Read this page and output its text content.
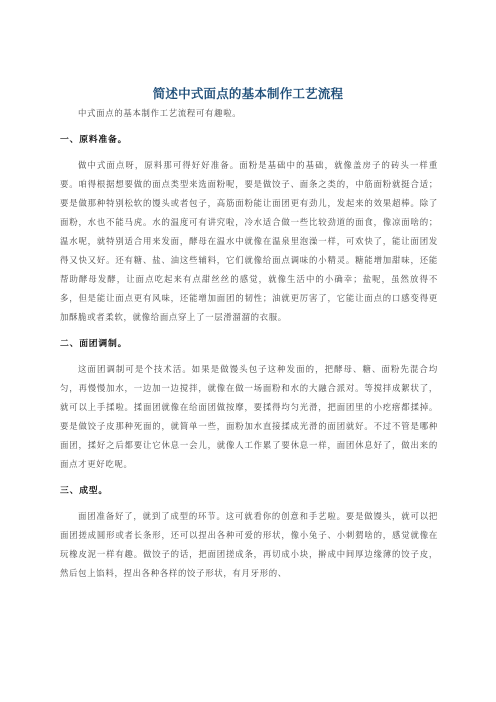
简述中式面点的基本制作工艺流程

中式面点的基本制作工艺流程可有趣啦。

一、原料准备。

做中式面点呀，原料那可得好好准备。面粉是基础中的基础，就像盖房子的砖头一样重要。咱得根据想要做的面点类型来选面粉呢，要是做饺子、面条之类的，中筋面粉就挺合适；要是做那种特别松软的馒头或者包子，高筋面粉能让面团更有劲儿，发起来的效果超棒。除了面粉，水也不能马虎。水的温度可有讲究啦，冷水适合做一些比较劲道的面食，像凉面啥的；温水呢，就特别适合用来发面，酵母在温水中就像在温泉里泡澡一样，可欢快了，能让面团发得又快又好。还有糖、盐、油这些辅料，它们就像给面点调味的小精灵。糖能增加甜味，还能帮助酵母发酵，让面点吃起来有点甜丝丝的感觉，就像生活中的小确幸；盐呢，虽然放得不多，但是能让面点更有风味，还能增加面团的韧性；油就更厉害了，它能让面点的口感变得更加酥脆或者柔软，就像给面点穿上了一层滑溜溜的衣服。

二、面团调制。

这面团调制可是个技术活。如果是做馒头包子这种发面的，把酵母、糖、面粉先混合均匀，再慢慢加水，一边加一边搅拌，就像在做一场面粉和水的大融合派对。等搅拌成絮状了，就可以上手揉啦。揉面团就像在给面团做按摩，要揉得均匀光滑，把面团里的小疙瘩都揉掉。要是做饺子皮那种死面的，就简单一些，面粉加水直接揉成光滑的面团就好。不过不管是哪种面团，揉好之后都要让它休息一会儿，就像人工作累了要休息一样，面团休息好了，做出来的面点才更好吃呢。

三、成型。

面团准备好了，就到了成型的环节。这可就看你的创意和手艺啦。要是做馒头，就可以把面团搓成圆形或者长条形，还可以捏出各种可爱的形状，像小兔子、小刺猬啥的，感觉就像在玩橡皮泥一样有趣。做饺子的话，把面团搓成条，再切成小块，擀成中间厚边缘薄的饺子皮，然后包上馅料，捏出各种各样的饺子形状，有月牙形的、
